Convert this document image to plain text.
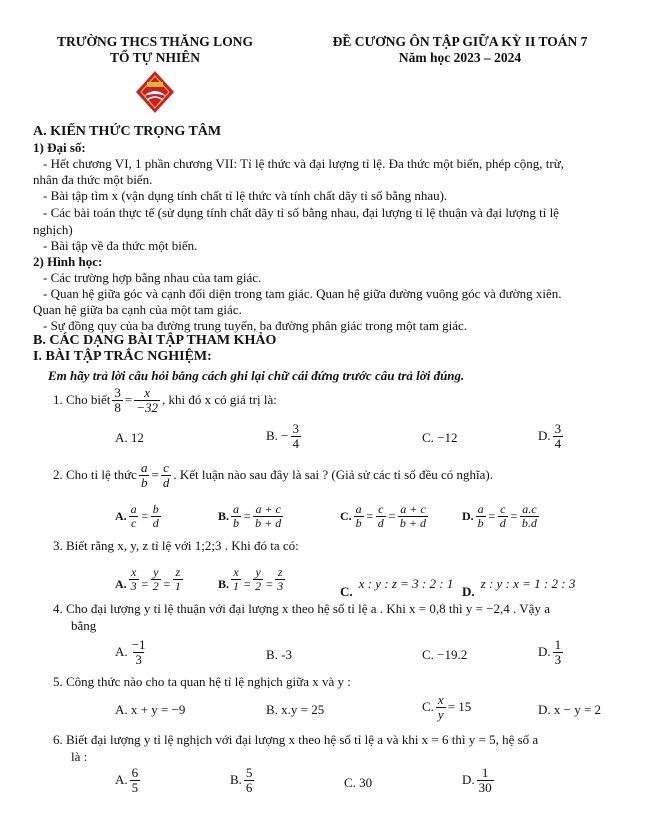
TRƯỜNG THCS THĂNG LONG
TỔ TỰ NHIÊN
ĐỀ CƯƠNG ÔN TẬP GIỮA KỲ II TOÁN 7
Năm học 2023 – 2024
A. KIẾN THỨC TRỌNG TÂM
1) Đại số:
- Hết chương VI, 1 phần chương VII: Tỉ lệ thức và đại lượng tỉ lệ. Đa thức một biến, phép cộng, trừ,
nhân đa thức một biến.
- Bài tập tìm x (vận dụng tính chất tỉ lệ thức và tính chất dãy tỉ số bằng nhau).
- Các bài toán thực tế (sử dụng tính chất dãy tỉ số bằng nhau, đại lượng tỉ lệ thuận và đại lượng tỉ lệ
nghịch)
- Bài tập về đa thức một biến.
2) Hình học:
- Các trường hợp bằng nhau của tam giác.
- Quan hệ giữa góc và cạnh đối diện trong tam giác. Quan hệ giữa đường vuông góc và đường xiên.
Quan hệ giữa ba cạnh của một tam giác.
- Sự đồng quy của ba đường trung tuyến, ba đường phân giác trong một tam giác.
B. CÁC DẠNG BÀI TẬP THAM KHẢO
I. BÀI TẬP TRẮC NGHIỆM:
Em hãy trả lời câu hỏi bằng cách ghi lại chữ cái đứng trước câu trả lời đúng.
1. Cho biết $\frac{3}{8} = \frac{x}{-32}$ , khi đó x có giá trị là:
A. 12	B. − $\frac{3}{4}$	C. −12	D. $\frac{3}{4}$
2. Cho tỉ lệ thức $\frac{a}{b} = \frac{c}{d}$ . Kết luận nào sau đây là sai ? (Giả sử các tỉ số đều có nghĩa).
A. $\frac{a}{c} = \frac{b}{d}$	B. $\frac{a}{b} = \frac{a + c}{b + d}$	C. $\frac{a}{b} = \frac{c}{d} = \frac{a + c}{b + d}$	D. $\frac{a}{b} = \frac{c}{d} = \frac{a.c}{b.d}$
3. Biết rằng x, y, z tỉ lệ với 1;2;3 . Khi đó ta có:
A. $\frac{x}{3} = \frac{y}{2} = \frac{z}{1}$	B. $\frac{x}{1} = \frac{y}{2} = \frac{z}{3}$	C.
x : y : z = 3 : 2 : 1
D.
z : y : x = 1 : 2 : 3
4. Cho đại lượng y tỉ lệ thuận với đại lượng x theo hệ số tỉ lệ a . Khi x = 0,8 thì y = −2,4 . Vậy a
bằng
A. $\frac{-1}{3}$	B. -3	C. −19.2	D. $\frac{1}{3}$
5. Công thức nào cho ta quan hệ tỉ lệ nghịch giữa x và y :
A. x + y = −9	B. x.y = 25	C. $\frac{x}{y} = 15$	D. x − y = 2
6. Biết đại lượng y tỉ lệ nghịch với đại lượng x theo hệ số tỉ lệ a và khi x = 6 thì y = 5, hệ số a
là :
A. $\frac{6}{5}$	B. $\frac{5}{6}$	C. 30	D. $\frac{1}{30}$
